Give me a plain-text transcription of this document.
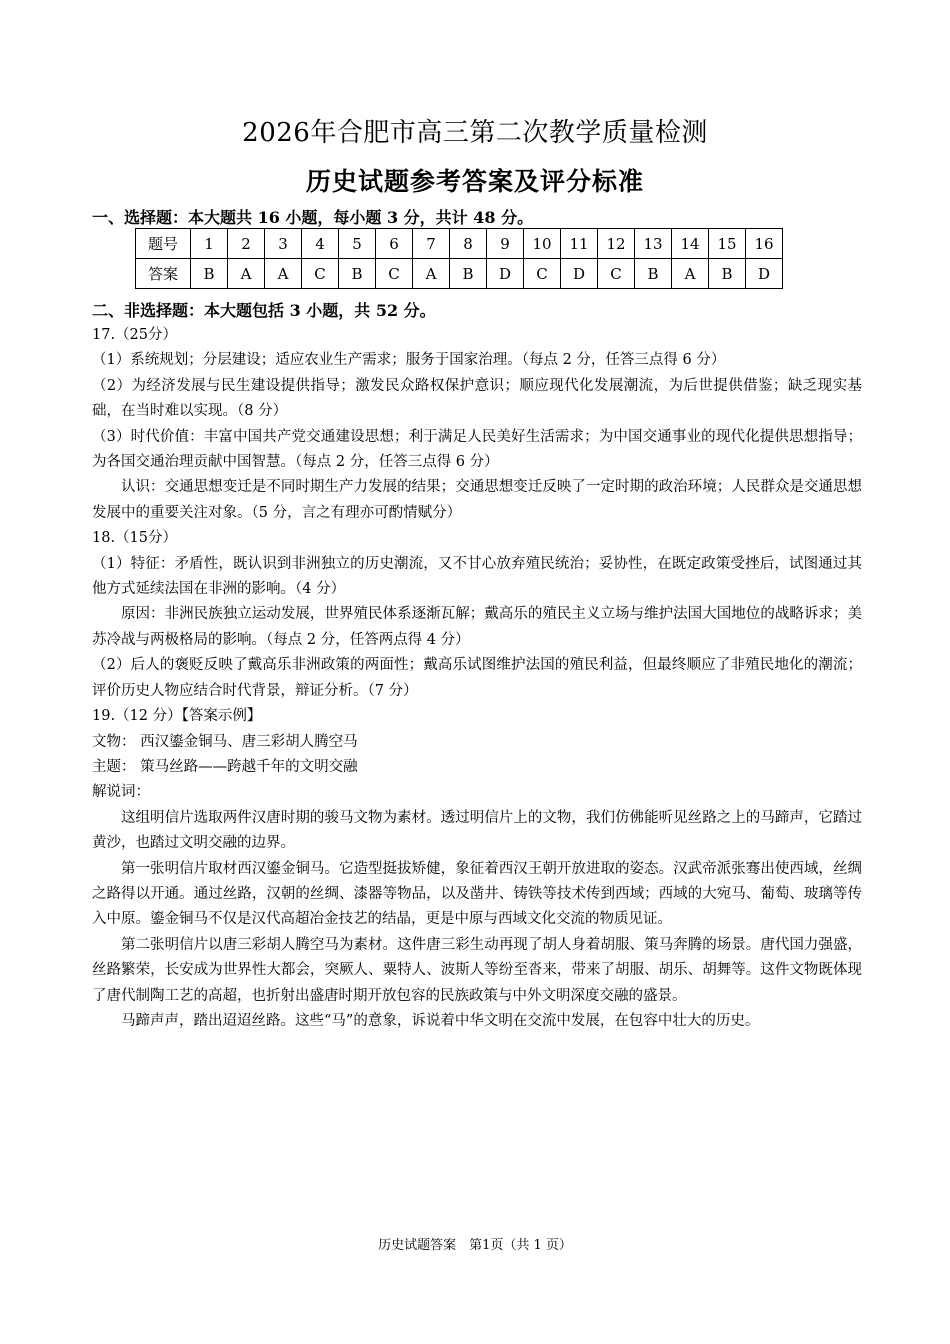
2026年合肥市高三第二次教学质量检测
历史试题参考答案及评分标准
一、选择题：本大题共 16 小题，每小题 3 分，共计 48 分。
题号	1	2	3	4	5	6	7	8	9	10	11	12	13	14	15	16
答案	B	A	A	C	B	C	A	B	D	C	D	C	B	A	B	D
二、非选择题：本大题包括 3 小题，共 52 分。

17.（25分）

（1）系统规划；分层建设；适应农业生产需求；服务于国家治理。（每点 2 分，任答三点得 6 分）

（2）为经济发展与民生建设提供指导；激发民众路权保护意识；顺应现代化发展潮流，为后世提供借鉴；缺乏现实基础，在当时难以实现。（8 分）

（3）时代价值：丰富中国共产党交通建设思想；利于满足人民美好生活需求；为中国交通事业的现代化提供思想指导；为各国交通治理贡献中国智慧。（每点 2 分，任答三点得 6 分）

认识：交通思想变迁是不同时期生产力发展的结果；交通思想变迁反映了一定时期的政治环境；人民群众是交通思想发展中的重要关注对象。（5 分，言之有理亦可酌情赋分）

18.（15分）

（1）特征：矛盾性，既认识到非洲独立的历史潮流，又不甘心放弃殖民统治；妥协性，在既定政策受挫后，试图通过其他方式延续法国在非洲的影响。（4 分）

原因：非洲民族独立运动发展，世界殖民体系逐渐瓦解；戴高乐的殖民主义立场与维护法国大国地位的战略诉求；美苏冷战与两极格局的影响。（每点 2 分，任答两点得 4 分）

（2）后人的褒贬反映了戴高乐非洲政策的两面性；戴高乐试图维护法国的殖民利益，但最终顺应了非殖民地化的潮流；评价历史人物应结合时代背景，辩证分析。（7 分）

19.（12 分）【答案示例】

文物： 西汉鎏金铜马、唐三彩胡人腾空马

主题： 策马丝路——跨越千年的文明交融

解说词：

这组明信片选取两件汉唐时期的骏马文物为素材。透过明信片上的文物，我们仿佛能听见丝路之上的马蹄声，它踏过黄沙，也踏过文明交融的边界。

第一张明信片取材西汉鎏金铜马。它造型挺拔矫健，象征着西汉王朝开放进取的姿态。汉武帝派张骞出使西域，丝绸之路得以开通。通过丝路，汉朝的丝绸、漆器等物品，以及凿井、铸铁等技术传到西域；西域的大宛马、葡萄、玻璃等传入中原。鎏金铜马不仅是汉代高超冶金技艺的结晶，更是中原与西域文化交流的物质见证。

第二张明信片以唐三彩胡人腾空马为素材。这件唐三彩生动再现了胡人身着胡服、策马奔腾的场景。唐代国力强盛，丝路繁荣，长安成为世界性大都会，突厥人、粟特人、波斯人等纷至沓来，带来了胡服、胡乐、胡舞等。这件文物既体现了唐代制陶工艺的高超，也折射出盛唐时期开放包容的民族政策与中外文明深度交融的盛景。

马蹄声声，踏出迢迢丝路。这些“马”的意象，诉说着中华文明在交流中发展，在包容中壮大的历史。

历史试题答案　第1页（共 1 页）
